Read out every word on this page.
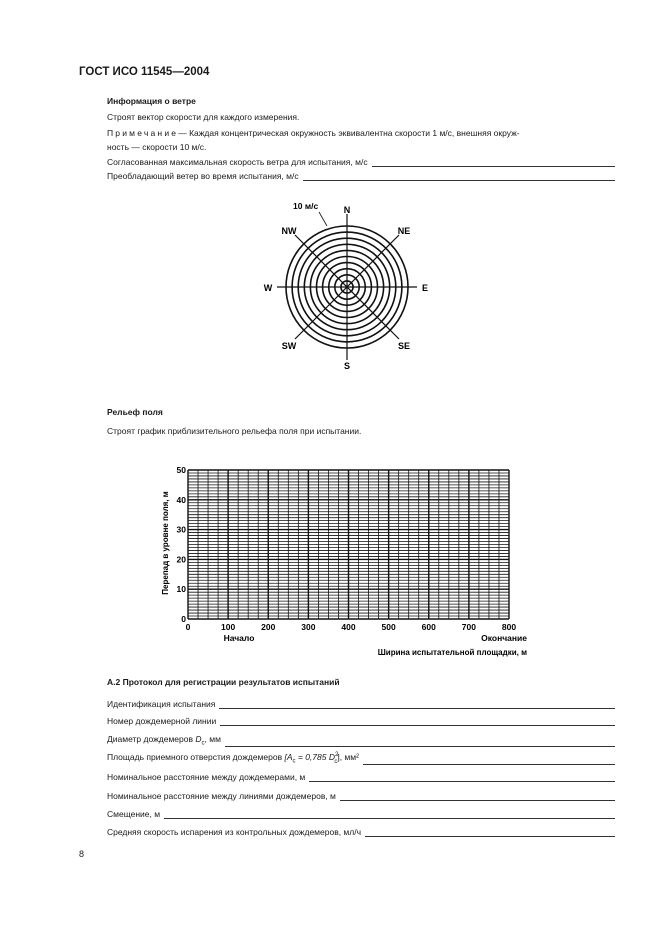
ГОСТ ИСО 11545—2004
Информация о ветре
Строят вектор скорости для каждого измерения.
Примечание— Каждая концентрическая окружность эквивалентна скорости 1 м/с, внешняя окруж-
ность — скорости 10 м/с.
Согласованная максимальная скорость ветра для испытания, м/с
Преобладающий ветер во время испытания, м/с
10 м/с	N
NE
E
SE
S
SW
W
NW
Рельеф поля
Строят график приблизительного рельефа поля при испытании.
0
10
20
30
40
50
0	100	200	300	400	500	600	700	800
Перепад в уровне поля, м
Начало	Окончание
Ширина испытательной площадки, м
A.2 Протокол для регистрации результатов испытаний
Идентификация испытания
Номер дождемерной линии
Диаметр дождемеров $D_c$, мм
Площадь приемного отверстия дождемеров [$A_c = 0,785$ $D^2_c$], мм²
Номинальное расстояние между дождемерами, м
Номинальное расстояние между линиями дождемеров, м
Смещение, м
Средняя скорость испарения из контрольных дождемеров, мл/ч
8
